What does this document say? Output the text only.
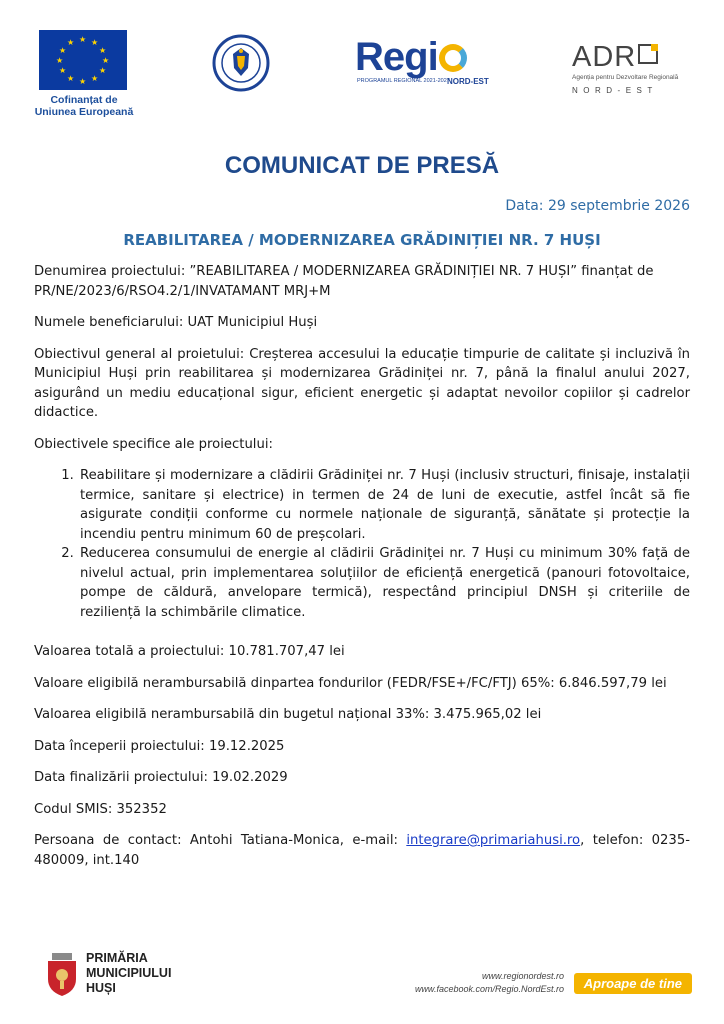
★ ★
★
★
★
★
★
★
★
★
★
★
Cofinanțat de
Uniunea Europeană
Regi
PROGRAMUL REGIONAL 2021-2027
NORD-EST
ADR
Agenția pentru Dezvoltare Regională
NORD-EST
COMUNICAT DE PRESĂ
Data: 29 septembrie 2026
REABILITAREA / MODERNIZAREA GRĂDINIȚIEI NR. 7 HUȘI

Denumirea proiectului: ”REABILITAREA / MODERNIZAREA GRĂDINIȚIEI NR. 7 HUȘI” finanțat de PR/NE/2023/6/RSO4.2/1/INVATAMANT MRJ+M

Numele beneficiarului: UAT Municipiul Huși

Obiectivul general al proietului: Creșterea accesului la educație timpurie de calitate și incluzivă în Municipiul Huși prin reabilitarea și modernizarea Grădiniței nr. 7, până la finalul anului 2027, asigurând un mediu educațional sigur, eficient energetic și adaptat nevoilor copiilor și cadrelor didactice.

Obiectivele specifice ale proiectului:

1. Reabilitare și modernizare a clădirii Grădiniței nr. 7 Huși (inclusiv structuri, finisaje, instalații termice, sanitare și electrice) in termen de 24 de luni de executie, astfel încât să fie asigurate condiții conforme cu normele naționale de siguranță, sănătate și protecție la incendiu pentru minimum 60 de preșcolari.
2. Reducerea consumului de energie al clădirii Grădiniței nr. 7 Huși cu minimum 30% față de nivelul actual, prin implementarea soluțiilor de eficiență energetică (panouri fotovoltaice, pompe de căldură, anvelopare termică), respectând principiul DNSH și criteriile de reziliență la schimbările climatice.

Valoarea totală a proiectului: 10.781.707,47 lei

Valoare eligibilă nerambursabilă dinpartea fondurilor (FEDR/FSE+/FC/FTJ) 65%: 6.846.597,79 lei

Valoarea eligibilă nerambursabilă din bugetul național 33%: 3.475.965,02 lei

Data începerii proiectului: 19.12.2025

Data finalizării proiectului: 19.02.2029

Codul SMIS: 352352

Persoana de contact: Antohi Tatiana-Monica, e-mail: integrare@primariahusi.ro, telefon: 0235-480009, int.140

PRIMĂRIA
MUNICIPIULUI
HUȘI
www.regionordest.ro
www.facebook.com/Regio.NordEst.ro	Aproape de tine
